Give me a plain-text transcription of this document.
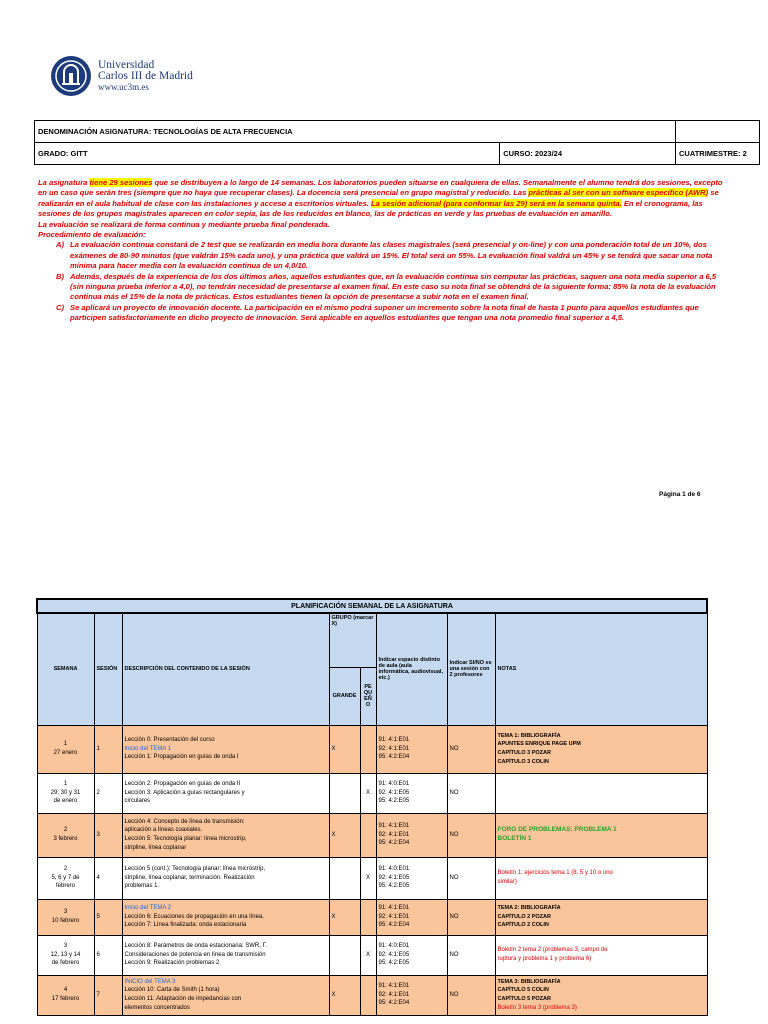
Universidad
Carlos III de Madrid
www.uc3m.es
DENOMINACIÓN ASIGNATURA: TECNOLOGÍAS DE ALTA FRECUENCIA		
GRADO: GITT	CURSO: 2023/24	CUATRIMESTRE: 2
La asignatura tiene 29 sesiones que se distribuyen a lo largo de 14 semanas. Los laboratorios pueden situarse en cualquiera de ellas. Semanalmente el alumno tendrá dos sesiones, excepto en un caso que serán tres (siempre que no haya que recuperar clases). La docencia será presencial en grupo magistral y reducido. Las prácticas al ser con un software específico (AWR) se realizarán en el aula habitual de clase con las instalaciones y acceso a escritorios virtuales. La sesión adicional (para conformar las 29) será en la semana quinta. En el cronograma, las sesiones de los grupos magistrales aparecen en color sepia, las de los reducidos en blanco, las de prácticas en verde y las pruebas de evaluación en amarillo.
La evaluación se realizará de forma continua y mediante prueba final ponderada.
Procedimiento de evaluación:
A) La evaluación continua constará de 2 test que se realizarán en media hora durante las clases magistrales (será presencial y on-line) y con una ponderación total de un 10%, dos exámenes de 80-90 minutos (que valdrán 15% cada uno), y una práctica que valdrá un 15%. El total será un 55%. La evaluación final valdrá un 45% y se tendrá que sacar una nota mínima para hacer media con la evaluación continua de un 4,0/10.
B) Además, después de la experiencia de los dos últimos años, aquellos estudiantes que, en la evaluación continua sin computar las prácticas, saquen una nota media superior a 6,5 (sin ninguna prueba inferior a 4,0), no tendrán necesidad de presentarse al examen final. En este caso su nota final se obtendrá de la siguiente forma: 85% la nota de la evaluación continua más el 15% de la nota de prácticas. Estos estudiantes tienen la opción de presentarse a subir nota en el examen final.
C) Se aplicará un proyecto de innovación docente. La participación en el mismo podrá suponer un incremento sobre la nota final de hasta 1 punto para aquellos estudiantes que participen satisfactoriamente en dicho proyecto de innovación. Será aplicable en aquellos estudiantes que tengan una nota promedio final superior a 4,5.
Página 1 de 6
PLANIFICACIÓN SEMANAL DE LA ASIGNATURA							
SEMANA	SESIÓN	DESCRIPCIÓN DEL CONTENIDO DE LA SESIÓN	GRUPO (marcar X)		Indicar espacio distinto de aula (aula informática, audiovisual, etc.)	Indicar SI/NO es una sesión con 2 profesores	NOTAS
			GRANDE	PE QU EÑ O			

1
27 enero	1	Lección 0: Presentación del curso
Inicio del TEMA 1
Lección 1: Propagación en guías de onda I	X		91: 4:1:E01
92: 4:1:E01
95: 4:2:E04	NO	TEMA 1: BIBLIOGRAFÍA
APUNTES ENRIQUE PAGE UPM
CAPÍTULO 3 POZAR
CAPÍTULO 3 COLIN

1
29, 30 y 31
de enero	2	Lección 2: Propagación en guías de onda II
Lección 3: Aplicación a guías rectangulares y
circulares		X	91: 4:0:E01
92: 4:1:E05
95: 4:2:E05	NO	

2
3 febrero	3	Lección 4: Concepto de línea de transmisión:
aplicación a líneas coaxiales.
Lección 5: Tecnología planar: línea microstrip,
stripline, línea coplanar	X		91: 4:1:E01
92: 4:1:E01
95: 4:2:E04	NO	FORO DE PROBLEMAS: PROBLEMA 1
BOLETÍN 1

2
5, 6 y 7 de
febrero	4	Lección 5 (cont.): Tecnología planar: línea microstrip,
stripline, línea coplanar, terminación. Realización
problemas 1.		X	91: 4:0:E01
92: 4:1:E05
95: 4:2:E05	NO	Boletín 1: ejercicios tema 1 (8, 5 y 10 o uno
similar)

3
10 febrero	5	Inicio del TEMA 2
Lección 6: Ecuaciones de propagación en una línea.
Lección 7: Línea finalizada: onda estacionaria	X		91: 4:1:E01
92: 4:1:E01
95: 4:2:E04	NO	TEMA 2: BIBLIOGRAFÍA
CAPÍTULO 2 POZAR
CAPÍTULO 2 COLIN

3
12, 13 y 14
de febrero	6	Lección 8: Parámetros de onda estacionaria: SWR, Γ.
Consideraciones de potencia en línea de transmisión
Lección 9: Realización problemas 2		X	91: 4:0:E01
92: 4:1:E05
95: 4:2:E05	NO	Boletín 2 tema 2 (problemas 3, campo de
ruptura y problema 1 y problema 6)

4
17 febrero	7	INICIO del TEMA 3
Lección 10: Carta de Smith (1 hora)
Lección 11: Adaptación de impedancias con
elementos concentrados	X		91: 4:1:E01
92: 4:1:E01
95: 4:2:E04	NO	TEMA 3: BIBLIOGRAFÍA
CAPÍTULO 5 COLIN
CAPÍTULO 5 POZAR
Boletín 3 tema 3 (problema 3)
